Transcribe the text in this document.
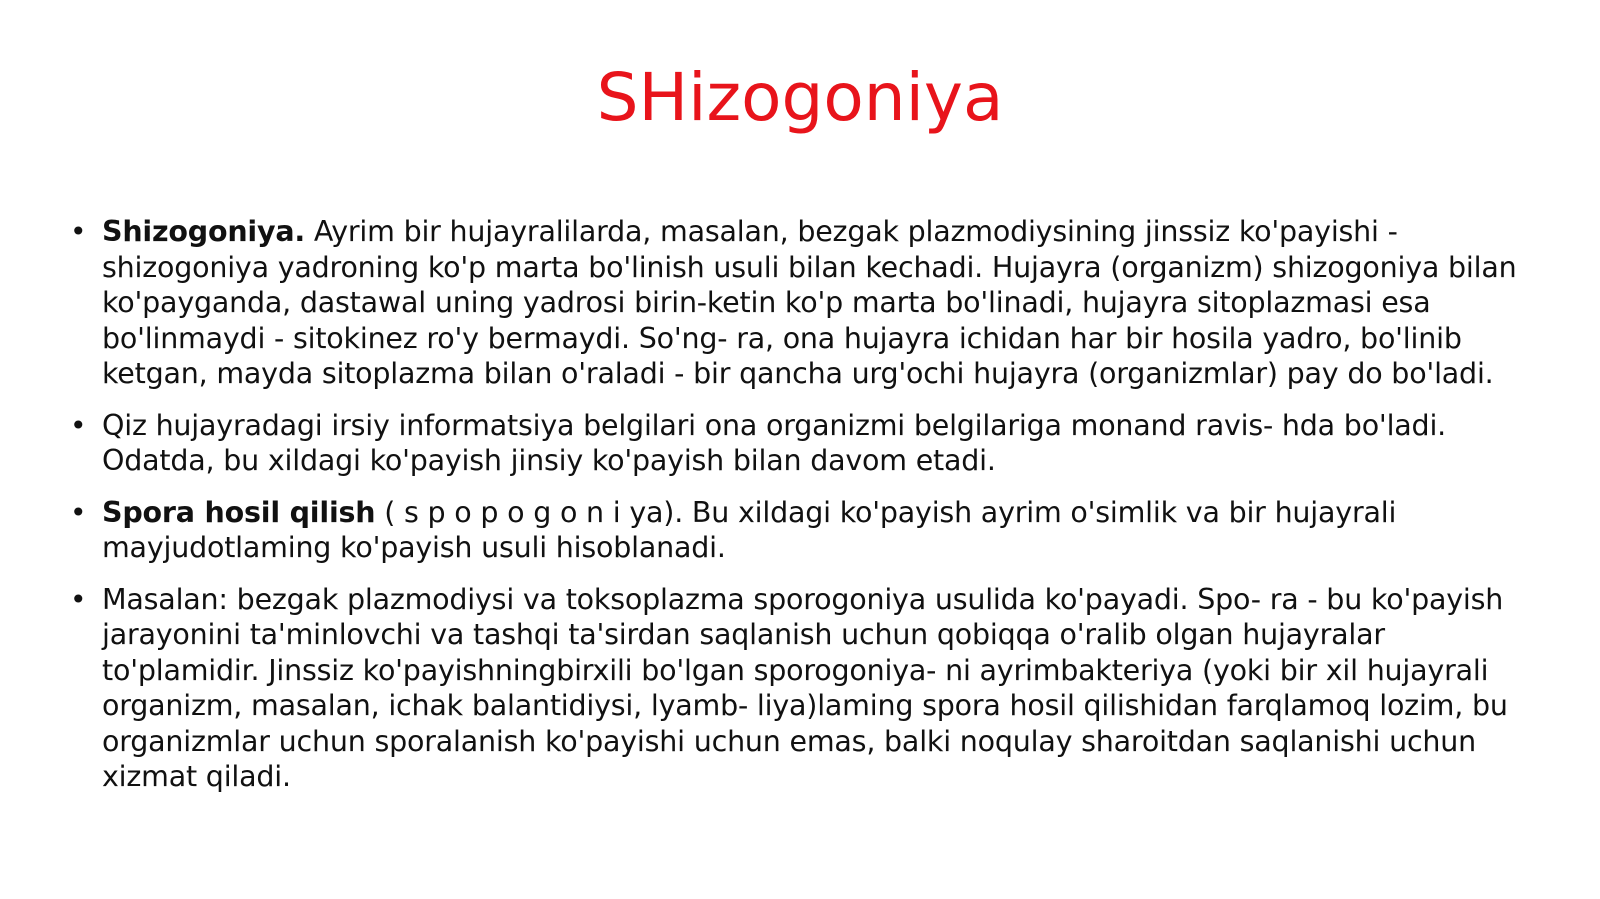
SHizogoniya
• Shizogoniya. Ayrim bir hujayralilarda, masalan, bezgak plazmodiysining jinssiz ko'payishi - shizogoniya yadroning ko'p marta bo'linish usuli bilan kechadi. Hujayra (organizm) shizogoniya bilan ko'payganda, dastawal uning yadrosi birin-ketin ko'p marta bo'linadi, hujayra sitoplazmasi esa bo'linmaydi - sitokinez ro'y bermaydi. So'ng- ra, ona hujayra ichidan har bir hosila yadro, bo'linib ketgan, mayda sitoplazma bilan o'raladi - bir qancha urg'ochi hujayra (organizmlar) pay do bo'ladi.
• Qiz hujayradagi irsiy informatsiya belgilari ona organizmi belgilariga monand ravis- hda bo'ladi. Odatda, bu xildagi ko'payish jinsiy ko'payish bilan davom etadi.
• Spora hosil qilish ( s p o p o g o n i ya). Bu xildagi ko'payish ayrim o'simlik va bir hujayrali mayjudotlaming ko'payish usuli hisoblanadi.
• Masalan: bezgak plazmodiysi va toksoplazma sporogoniya usulida ko'payadi. Spo- ra - bu ko'payish jarayonini ta'minlovchi va tashqi ta'sirdan saqlanish uchun qobiqqa o'ralib olgan hujayralar to'plamidir. Jinssiz ko'payishningbirxili bo'lgan sporogoniya- ni ayrimbakteriya (yoki bir xil hujayrali organizm, masalan, ichak balantidiysi, lyamb- liya)laming spora hosil qilishidan farqlamoq lozim, bu organizmlar uchun sporalanish ko'payishi uchun emas, balki noqulay sharoitdan saqlanishi uchun xizmat qiladi.
